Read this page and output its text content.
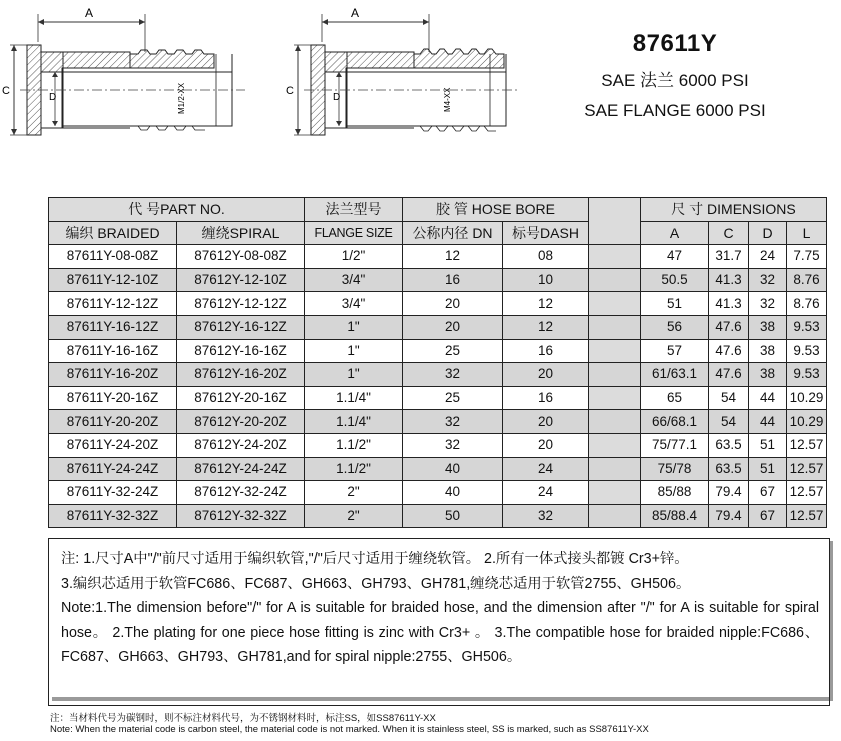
A
C
D	M1/2-XX
A
C
D	M4-XX
87611Y
SAE 法兰 6000 PSI
SAE FLANGE 6000 PSI
代 号PART NO.		法兰型号	胶 管 HOSE BORE			尺 寸 DIMENSIONS			
编织 BRAIDED	缠绕SPIRAL	FLANGE SIZE	公称内径 DN	标号DASH		A	C	D	L
87611Y-08-08Z	87612Y-08-08Z	1/2"	12	08		47	31.7	24	7.75
87611Y-12-10Z	87612Y-12-10Z	3/4"	16	10		50.5	41.3	32	8.76
87611Y-12-12Z	87612Y-12-12Z	3/4"	20	12		51	41.3	32	8.76
87611Y-16-12Z	87612Y-16-12Z	1"	20	12		56	47.6	38	9.53
87611Y-16-16Z	87612Y-16-16Z	1"	25	16		57	47.6	38	9.53
87611Y-16-20Z	87612Y-16-20Z	1"	32	20		61/63.1	47.6	38	9.53
87611Y-20-16Z	87612Y-20-16Z	1.1/4"	25	16		65	54	44	10.29
87611Y-20-20Z	87612Y-20-20Z	1.1/4"	32	20		66/68.1	54	44	10.29
87611Y-24-20Z	87612Y-24-20Z	1.1/2"	32	20		75/77.1	63.5	51	12.57
87611Y-24-24Z	87612Y-24-24Z	1.1/2"	40	24		75/78	63.5	51	12.57
87611Y-32-24Z	87612Y-32-24Z	2"	40	24		85/88	79.4	67	12.57
87611Y-32-32Z	87612Y-32-32Z	2"	50	32		85/88.4	79.4	67	12.57

注: 1.尺寸A中"/"前尺寸适用于编织软管,"/"后尺寸适用于缠绕软管。 2.所有一体式接头都镀 Cr3+锌。

3.编织芯适用于软管FC686、FC687、GH663、GH793、GH781,缠绕芯适用于软管2755、GH506。

Note:1.The dimension before"/" for A is suitable for braided hose, and the dimension after "/" for A is suitable for spiral hose。 2.The plating for one piece hose fitting is zinc with Cr3+ 。 3.The compatible hose for braided nipple:FC686、FC687、GH663、GH793、GH781,and for spiral nipple:2755、GH506。

注：当材料代号为碳钢时，则不标注材料代号，为不锈钢材料时，标注SS，如SS87611Y-XX
Note: When the material code is carbon steel, the material code is not marked. When it is stainless steel, SS is marked, such as SS87611Y-XX
